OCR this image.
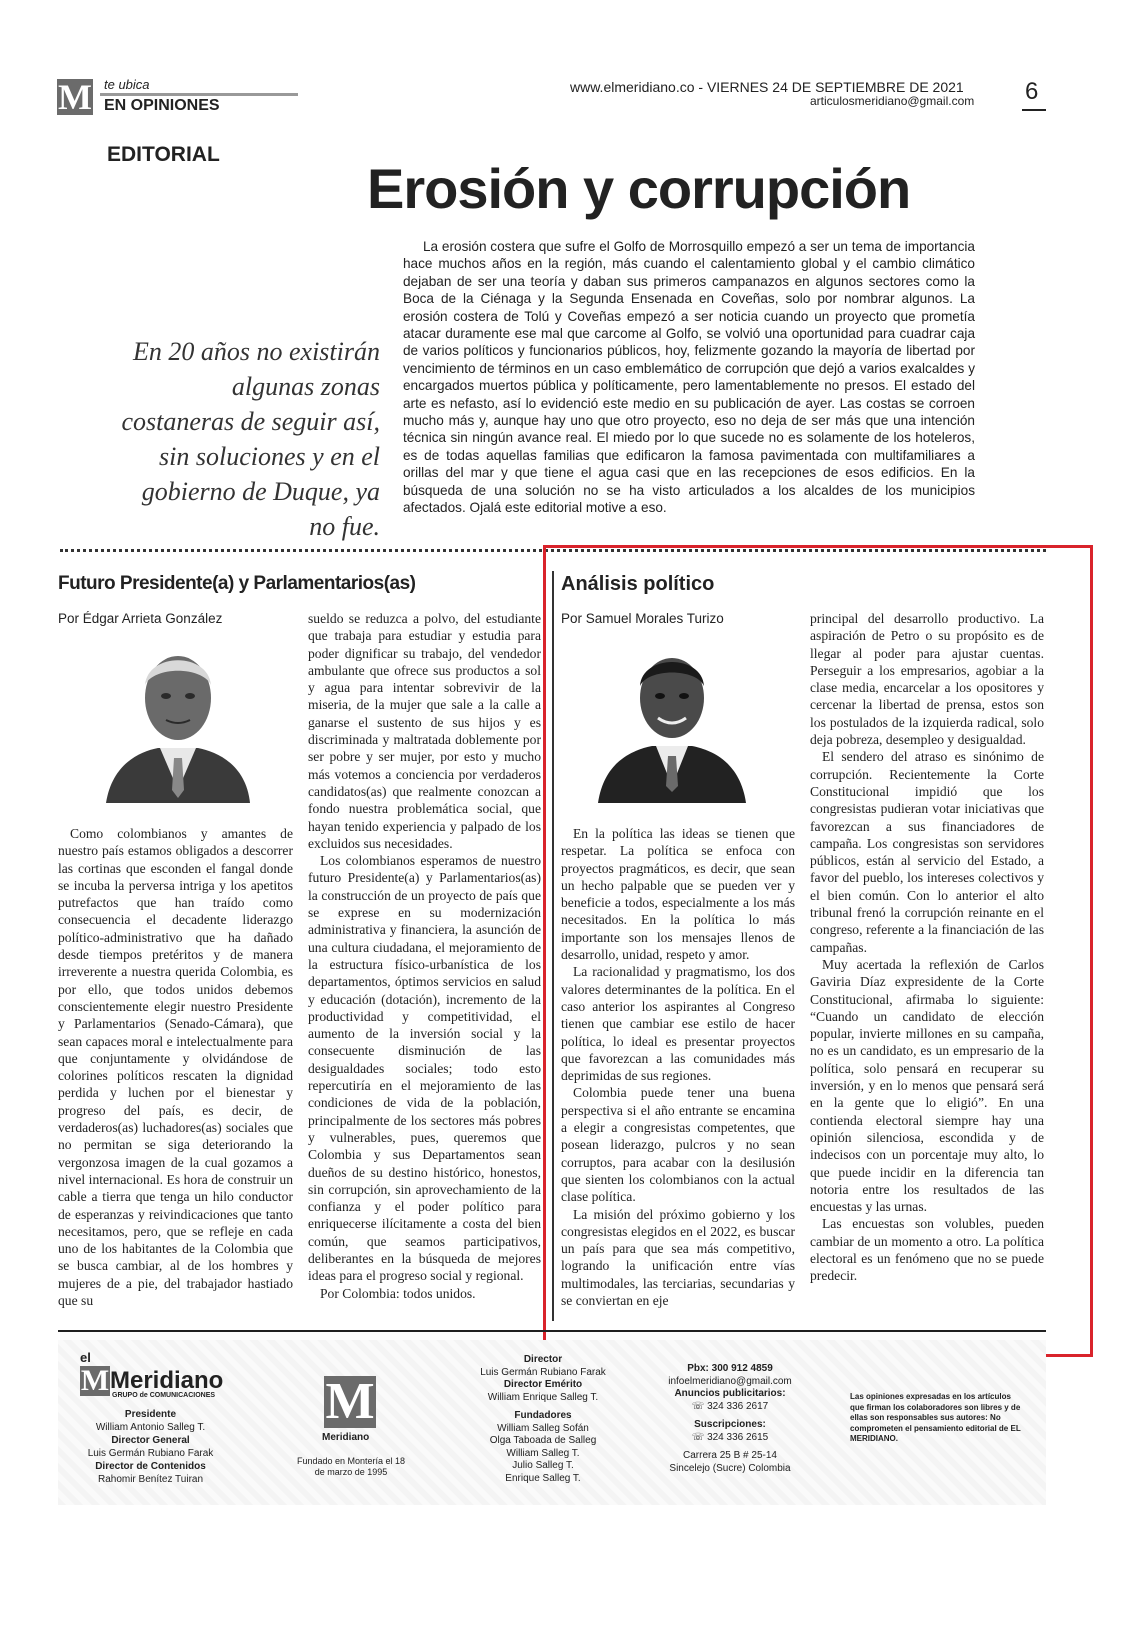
M te ubica
EN OPINIONES
www.elmeridiano.co - VIERNES 24 DE SEPTIEMBRE DE 2021
articulosmeridiano@gmail.com 6
EDITORIAL
Erosión y corrupción
En 20 años no existirán algunas zonas costaneras de seguir así, sin soluciones y en el gobierno de Duque, ya no fue.
La erosión costera que sufre el Golfo de Morrosquillo empezó a ser un tema de importancia hace muchos años en la región, más cuando el calentamiento global y el cambio climático dejaban de ser una teoría y daban sus primeros campanazos en algunos sectores como la Boca de la Ciénaga y la Segunda Ensenada en Coveñas, solo por nombrar algunos. La erosión costera de Tolú y Coveñas empezó a ser noticia cuando un proyecto que prometía atacar duramente ese mal que carcome al Golfo, se volvió una oportunidad para cuadrar caja de varios políticos y funcionarios públicos, hoy, felizmente gozando la mayoría de libertad por vencimiento de términos en un caso emblemático de corrupción que dejó a varios exalcaldes y encargados muertos pública y políticamente, pero lamentablemente no presos. El estado del arte es nefasto, así lo evidenció este medio en su publicación de ayer. Las costas se corroen mucho más y, aunque hay uno que otro proyecto, eso no deja de ser más que una intención técnica sin ningún avance real. El miedo por lo que sucede no es solamente de los hoteleros, es de todas aquellas familias que edificaron la famosa pavimentada con multifamiliares a orillas del mar y que tiene el agua casi que en las recepciones de esos edificios. En la búsqueda de una solución no se ha visto articulados a los alcaldes de los municipios afectados. Ojalá este editorial motive a eso.
Futuro Presidente(a) y Parlamentarios(as)
Por Édgar Arrieta González

Como colombianos y amantes de nuestro país estamos obligados a descorrer las cortinas que esconden el fangal donde se incuba la perversa intriga y los apetitos putrefactos que han traído como consecuencia el decadente liderazgo político-administrativo que ha dañado desde tiempos pretéritos y de manera irreverente a nuestra querida Colombia, es por ello, que todos unidos debemos conscientemente elegir nuestro Presidente y Parlamentarios (Senado-Cámara), que sean capaces moral e intelectualmente para que conjuntamente y olvidándose de colorines políticos rescaten la dignidad perdida y luchen por el bienestar y progreso del país, es decir, de verdaderos(as) luchadores(as) sociales que no permitan se siga deteriorando la vergonzosa imagen de la cual gozamos a nivel internacional. Es hora de construir un cable a tierra que tenga un hilo conductor de esperanzas y reivindicaciones que tanto necesitamos, pero, que se refleje en cada uno de los habitantes de la Colombia que se busca cambiar, al de los hombres y mujeres de a pie, del trabajador hastiado que su

sueldo se reduzca a polvo, del estudiante que trabaja para estudiar y estudia para poder dignificar su trabajo, del vendedor ambulante que ofrece sus productos a sol y agua para intentar sobrevivir de la miseria, de la mujer que sale a la calle a ganarse el sustento de sus hijos y es discriminada y maltratada doblemente por ser pobre y ser mujer, por esto y mucho más votemos a conciencia por verdaderos candidatos(as) que realmente conozcan a fondo nuestra problemática social, que hayan tenido experiencia y palpado de los excluidos sus necesidades.

Los colombianos esperamos de nuestro futuro Presidente(a) y Parlamentarios(as) la construcción de un proyecto de país que se exprese en su modernización administrativa y financiera, la asunción de una cultura ciudadana, el mejoramiento de la estructura físico-urbanística de los departamentos, óptimos servicios en salud y educación (dotación), incremento de la productividad y competitividad, el aumento de la inversión social y la consecuente disminución de las desigualdades sociales; todo esto repercutiría en el mejoramiento de las condiciones de vida de la población, principalmente de los sectores más pobres y vulnerables, pues, queremos que Colombia y sus Departamentos sean dueños de su destino histórico, honestos, sin corrupción, sin aprovechamiento de la confianza y el poder político para enriquecerse ilícitamente a costa del bien común, que seamos participativos, deliberantes en la búsqueda de mejores ideas para el progreso social y regional.

Por Colombia: todos unidos.

Análisis político
Por Samuel Morales Turizo

En la política las ideas se tienen que respetar. La política se enfoca con proyectos pragmáticos, es decir, que sean un hecho palpable que se pueden ver y beneficie a todos, especialmente a los más necesitados. En la política lo más importante son los mensajes llenos de desarrollo, unidad, respeto y amor.

La racionalidad y pragmatismo, los dos valores determinantes de la política. En el caso anterior los aspirantes al Congreso tienen que cambiar ese estilo de hacer política, lo ideal es presentar proyectos que favorezcan a las comunidades más deprimidas de sus regiones.

Colombia puede tener una buena perspectiva si el año entrante se encamina a elegir a congresistas competentes, que posean liderazgo, pulcros y no sean corruptos, para acabar con la desilusión que sienten los colombianos con la actual clase política.

La misión del próximo gobierno y los congresistas elegidos en el 2022, es buscar un país para que sea más competitivo, logrando la unificación entre vías multimodales, las terciarias, secundarias y se conviertan en eje

principal del desarrollo productivo. La aspiración de Petro o su propósito es de llegar al poder para ajustar cuentas. Perseguir a los empresarios, agobiar a la clase media, encarcelar a los opositores y cercenar la libertad de prensa, estos son los postulados de la izquierda radical, solo deja pobreza, desempleo y desigualdad.

El sendero del atraso es sinónimo de corrupción. Recientemente la Corte Constitucional impidió que los congresistas pudieran votar iniciativas que favorezcan a sus financiadores de campaña. Los congresistas son servidores públicos, están al servicio del Estado, a favor del pueblo, los intereses colectivos y el bien común. Con lo anterior el alto tribunal frenó la corrupción reinante en el congreso, referente a la financiación de las campañas.

Muy acertada la reflexión de Carlos Gaviria Díaz expresidente de la Corte Constitucional, afirmaba lo siguiente: “Cuando un candidato de elección popular, invierte millones en su campaña, no es un candidato, es un empresario de la política, solo pensará en recuperar su inversión, y en lo menos que pensará será en la gente que lo eligió”. En una contienda electoral siempre hay una opinión silenciosa, escondida y de indecisos con un porcentaje muy alto, lo que puede incidir en la diferencia tan notoria entre los resultados de las encuestas y las urnas.

Las encuestas son volubles, pueden cambiar de un momento a otro. La política electoral es un fenómeno que no se puede predecir.

el
MMeridiano
GRUPO de COMUNICACIONES
Presidente
William Antonio Salleg T.
Director General
Luis Germán Rubiano Farak
Director de Contenidos
Rahomir Benítez Tuiran
M
Meridiano
Fundado en Montería el 18 de marzo de 1995
Director
Luis Germán Rubiano Farak
Director Emérito
William Enrique Salleg T.
Fundadores
William Salleg Sofán
Olga Taboada de Salleg
William Salleg T.
Julio Salleg T.
Enrique Salleg T.
Pbx: 300 912 4859
infoelmeridiano@gmail.com
Anuncios publicitarios:
☏ 324 336 2617
Suscripciones:
☏ 324 336 2615
Carrera 25 B # 25-14
Sincelejo (Sucre) Colombia
Las opiniones expresadas en los artículos que firman los colaboradores son libres y de ellas son responsables sus autores: No comprometen el pensamiento editorial de EL MERIDIANO.
